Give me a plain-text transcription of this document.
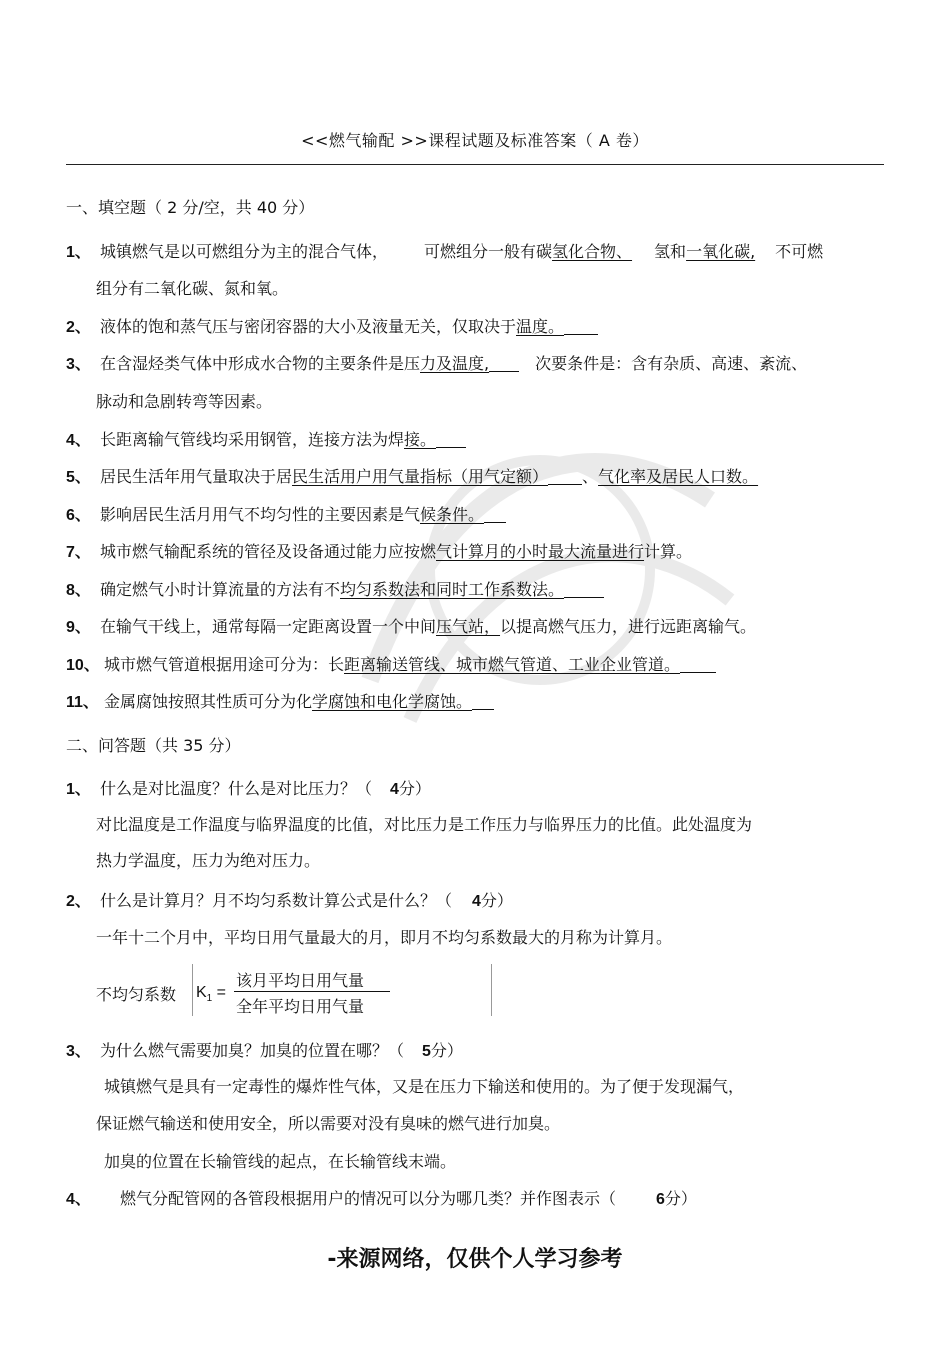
<<燃气输配 >>课程试题及标准答案（ A 卷）
一、填空题（ 2 分/空，共 40 分）
1、 城镇燃气是以可燃组分为主的混合气体， 可燃组分一般有碳氢化合物、 氢和一氧化碳, 不可燃
组分有二氧化碳、氮和氧。
2、 液体的饱和蒸气压与密闭容器的大小及液量无关，仅取决于温度。
3、 在含湿烃类气体中形成水合物的主要条件是压力及温度,	次要条件是：含有杂质、高速、紊流、
脉动和急剧转弯等因素。
4、 长距离输气管线均采用钢管，连接方法为焊接。
5、 居民生活年用气量取决于居民生活用户用气量指标（用气定额） 、气化率及居民人口数。
6、 影响居民生活月用气不均匀性的主要因素是气候条件。
7、 城市燃气输配系统的管径及设备通过能力应按燃气计算月的小时最大流量进行计算。
8、 确定燃气小时计算流量的方法有不均匀系数法和同时工作系数法。
9、 在输气干线上，通常每隔一定距离设置一个中间压气站，以提高燃气压力，进行远距离输气。
10、 城市燃气管道根据用途可分为：长距离输送管线、城市燃气管道、工业企业管道。
11、 金属腐蚀按照其性质可分为化学腐蚀和电化学腐蚀。
二、问答题（共 35 分）
1、 什么是对比温度？什么是对比压力？（ 4分）
对比温度是工作温度与临界温度的比值，对比压力是工作压力与临界压力的比值。此处温度为
热力学温度，压力为绝对压力。
2、 什么是计算月？月不均匀系数计算公式是什么？（ 4分）
一年十二个月中，平均日用气量最大的月，即月不均匀系数最大的月称为计算月。
不均匀系数 $K_1$ =
该月平均日用气量
全年平均日用气量
3、 为什么燃气需要加臭？加臭的位置在哪？（ 5分）
城镇燃气是具有一定毒性的爆炸性气体，又是在压力下输送和使用的。为了便于发现漏气，
保证燃气输送和使用安全，所以需要对没有臭味的燃气进行加臭。
加臭的位置在长输管线的起点，在长输管线末端。
4、 燃气分配管网的各管段根据用户的情况可以分为哪几类？并作图表示（	6分）
-来源网络，仅供个人学习参考
